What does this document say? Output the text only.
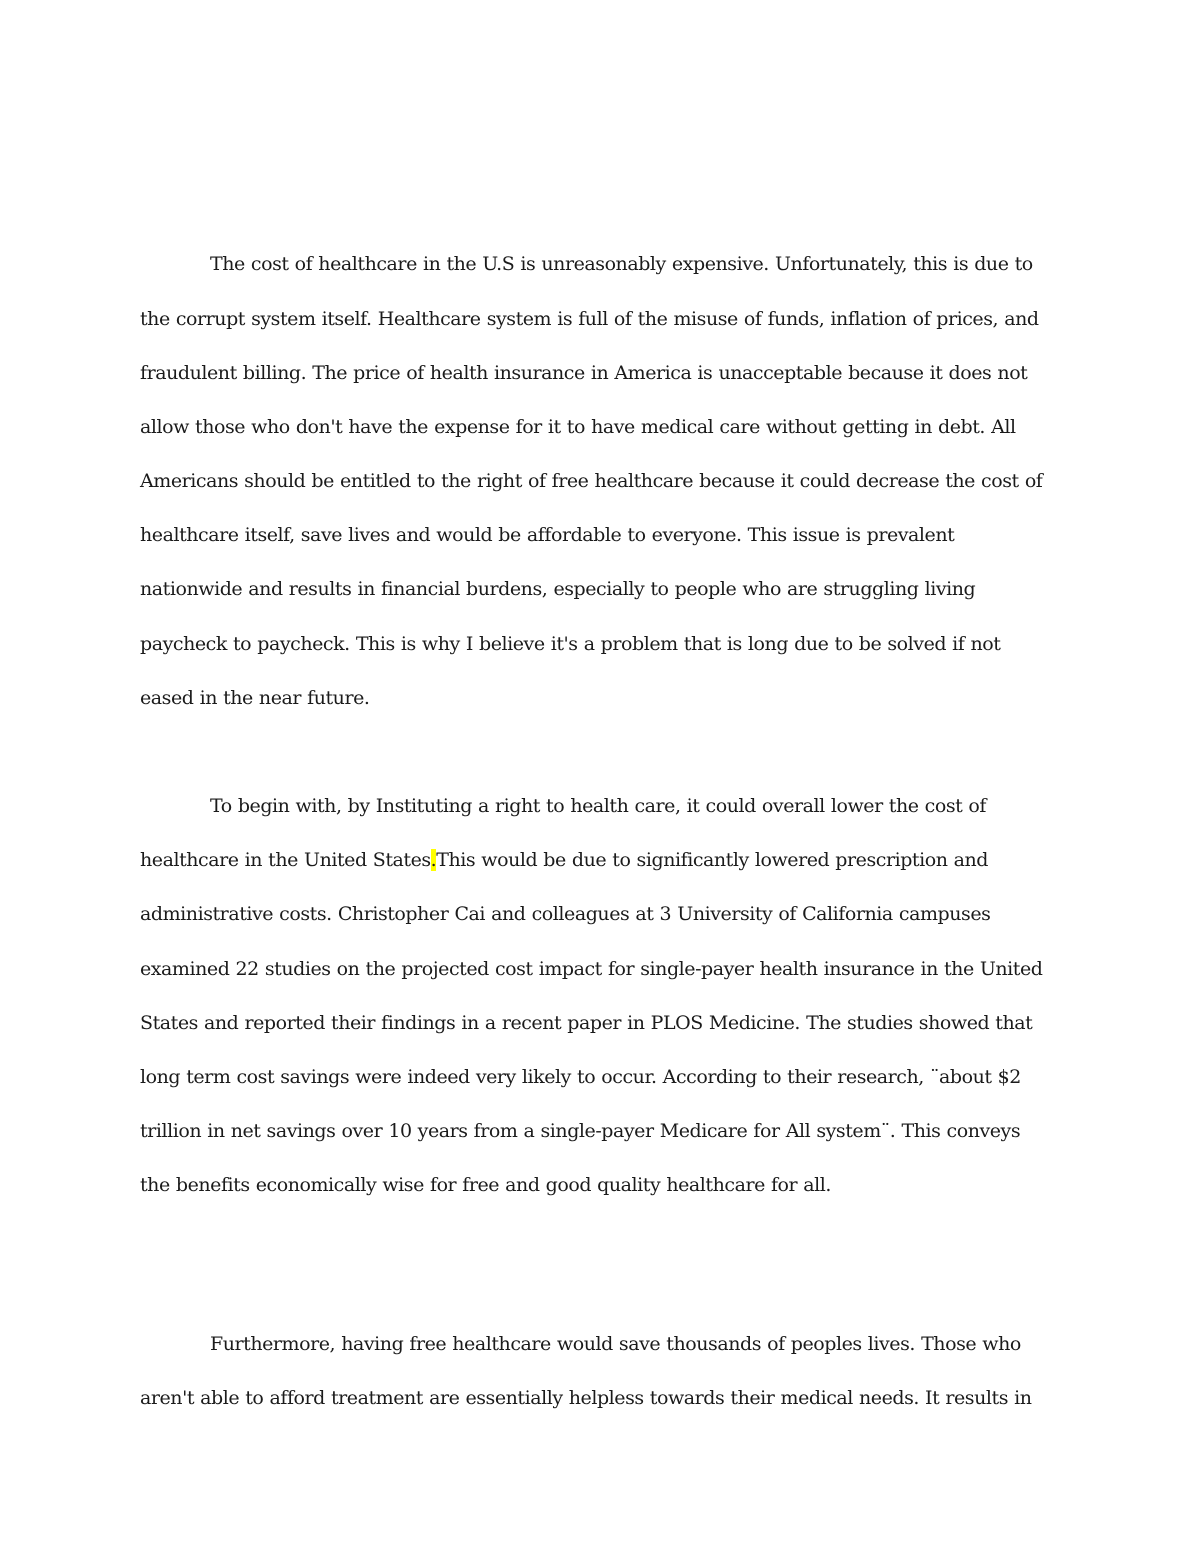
The cost of healthcare in the U.S is unreasonably expensive. Unfortunately, this is due to
the corrupt system itself. Healthcare system is full of the misuse of funds, inflation of prices, and
fraudulent billing. The price of health insurance in America is unacceptable because it does not
allow those who don't have the expense for it to have medical care without getting in debt. All
Americans should be entitled to the right of free healthcare because it could decrease the cost of
healthcare itself, save lives and would be affordable to everyone. This issue is prevalent
nationwide and results in financial burdens, especially to people who are struggling living
paycheck to paycheck. This is why I believe it's a problem that is long due to be solved if not
eased in the near future.
To begin with, by Instituting a right to health care, it could overall lower the cost of
healthcare in the United States.This would be due to significantly lowered prescription and
administrative costs. Christopher Cai and colleagues at 3 University of California campuses
examined 22 studies on the projected cost impact for single-payer health insurance in the United
States and reported their findings in a recent paper in PLOS Medicine. The studies showed that
long term cost savings were indeed very likely to occur. According to their research, ¨about $2
trillion in net savings over 10 years from a single-payer Medicare for All system¨. This conveys
the benefits economically wise for free and good quality healthcare for all.
Furthermore, having free healthcare would save thousands of peoples lives. Those who
aren't able to afford treatment are essentially helpless towards their medical needs. It results in
